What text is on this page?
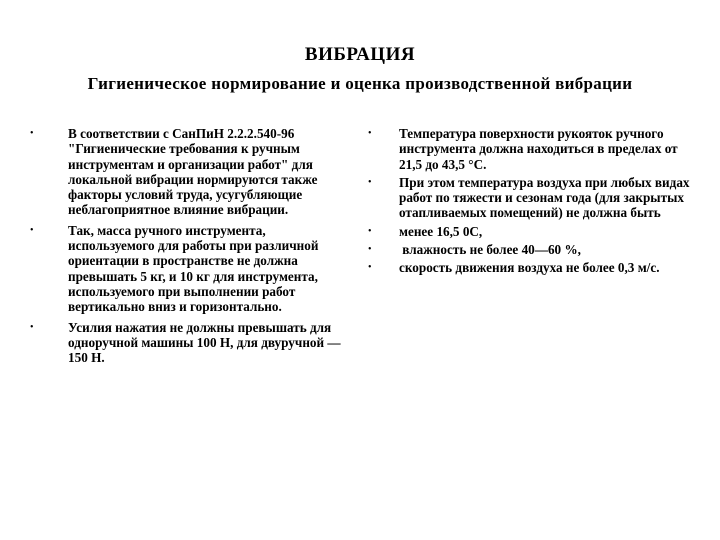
ВИБРАЦИЯ
Гигиеническое нормирование и оценка производственной вибрации
•	В соответствии с СанПиН 2.2.2.540-96 "Гигиенические требования к ручным инструментам и организации работ" для локальной вибрации нормируются также факторы условий труда, усугубляющие неблагоприятное влияние вибрации.
•	Так, масса ручного инструмента, используемого для работы при различной ориентации в пространстве не должна превышать 5 кг, и 10 кг для инструмента, используемого при выполнении работ вертикально вниз и горизонтально.
•	Усилия нажатия не должны превышать для одноручной машины 100 Н, для двуручной — 150 Н.
•	Температура поверхности рукояток ручного инструмента должна находиться в пределах от 21,5 до 43,5 °С.
•	При этом температура воздуха при любых видах работ по тяжести и сезонам года (для закрытых отапливаемых помещений) не должна быть
•	менее 16,5 0С,
•	влажность не более 40—60 %,
•	скорость движения воздуха не более 0,3 м/с.
